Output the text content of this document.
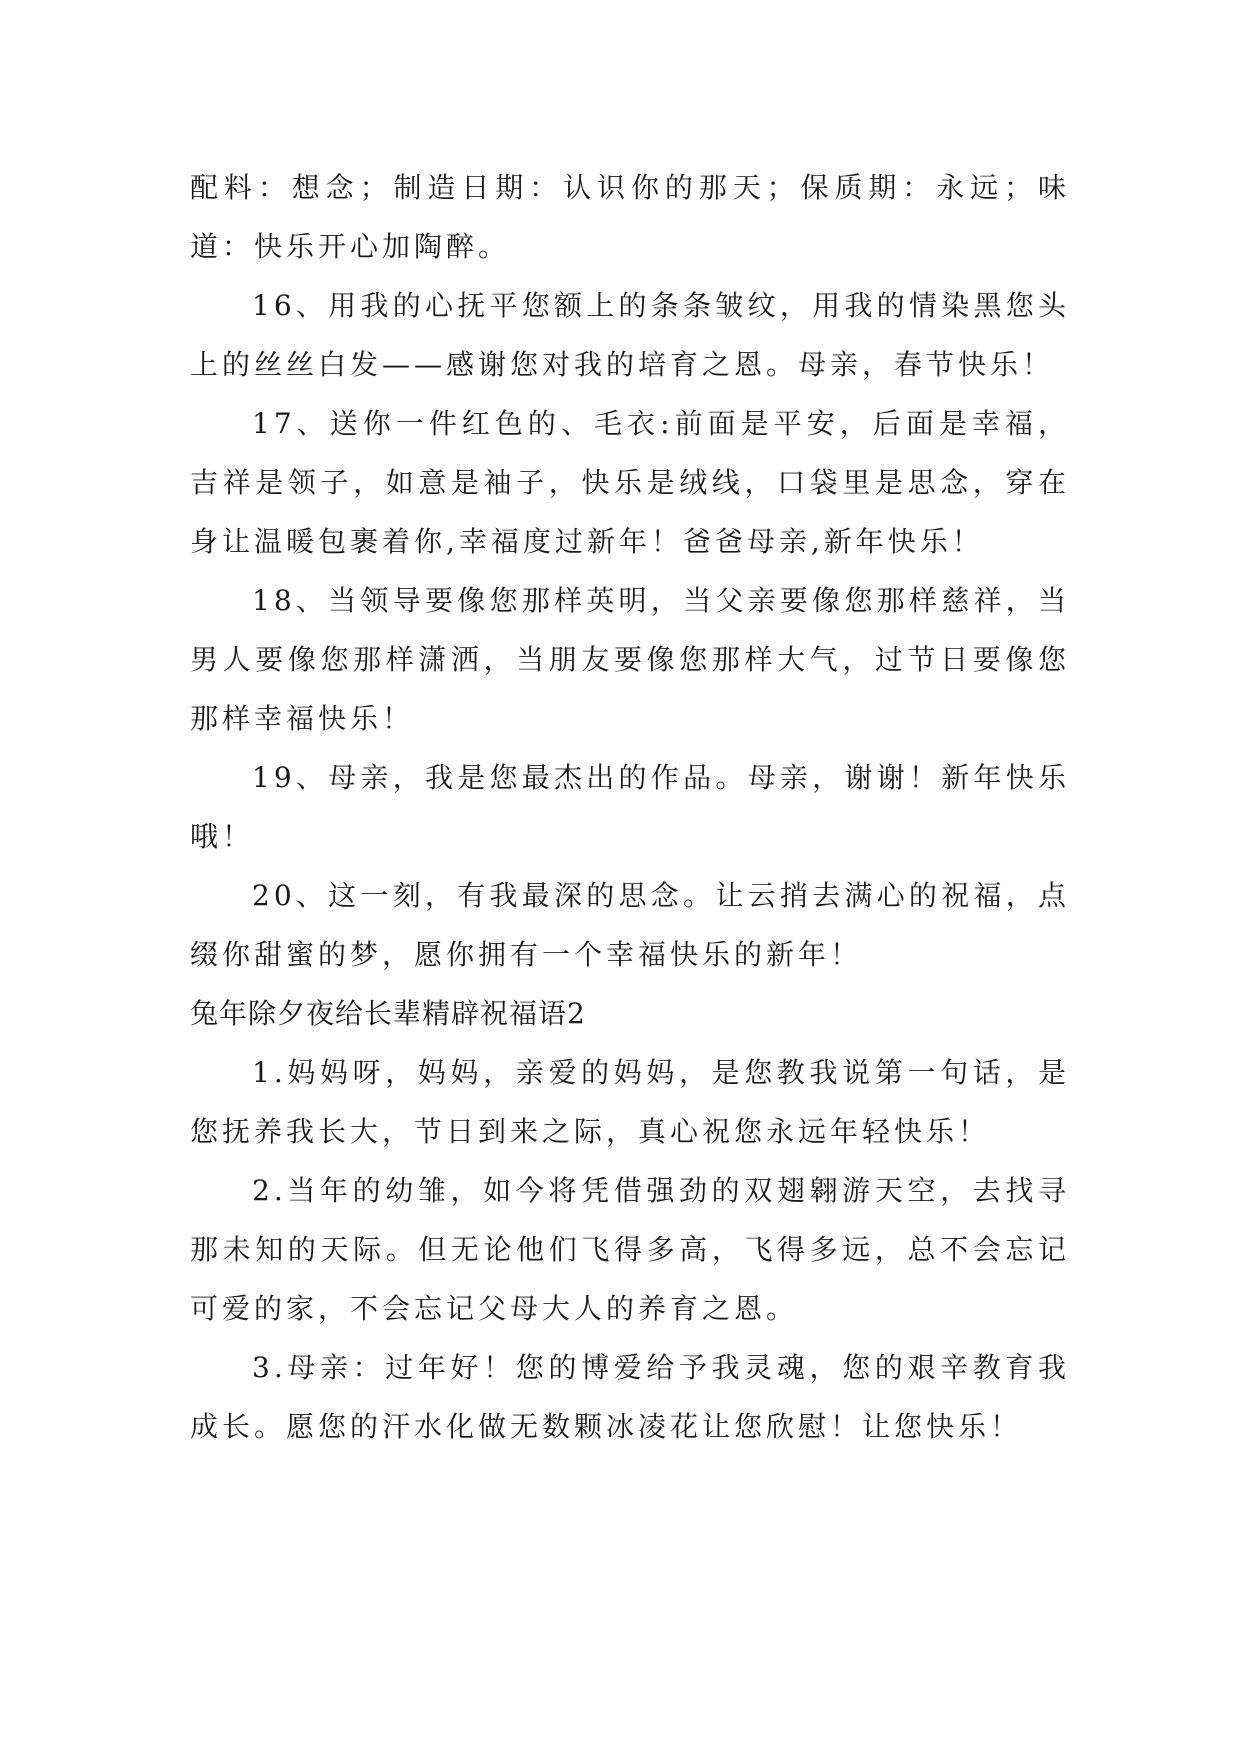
配料：想念；制造日期：认识你的那天；保质期：永远；味道：快乐开心加陶醉。

16、用我的心抚平您额上的条条皱纹，用我的情染黑您头上的丝丝白发——感谢您对我的培育之恩。母亲，春节快乐！

17、送你一件红色的、毛衣:前面是平安，后面是幸福，吉祥是领子，如意是袖子，快乐是绒线，口袋里是思念，穿在身让温暖包裹着你,幸福度过新年！爸爸母亲,新年快乐！

18、当领导要像您那样英明，当父亲要像您那样慈祥，当男人要像您那样潇洒，当朋友要像您那样大气，过节日要像您那样幸福快乐！

19、母亲，我是您最杰出的作品。母亲，谢谢！新年快乐哦！

20、这一刻，有我最深的思念。让云捎去满心的祝福，点缀你甜蜜的梦，愿你拥有一个幸福快乐的新年！

兔年除夕夜给长辈精辟祝福语2

1.妈妈呀，妈妈，亲爱的妈妈，是您教我说第一句话，是您抚养我长大，节日到来之际，真心祝您永远年轻快乐！

2.当年的幼雏，如今将凭借强劲的双翅翱游天空，去找寻那未知的天际。但无论他们飞得多高，飞得多远，总不会忘记可爱的家，不会忘记父母大人的养育之恩。

3.母亲：过年好！您的博爱给予我灵魂，您的艰辛教育我成长。愿您的汗水化做无数颗冰凌花让您欣慰！让您快乐！
